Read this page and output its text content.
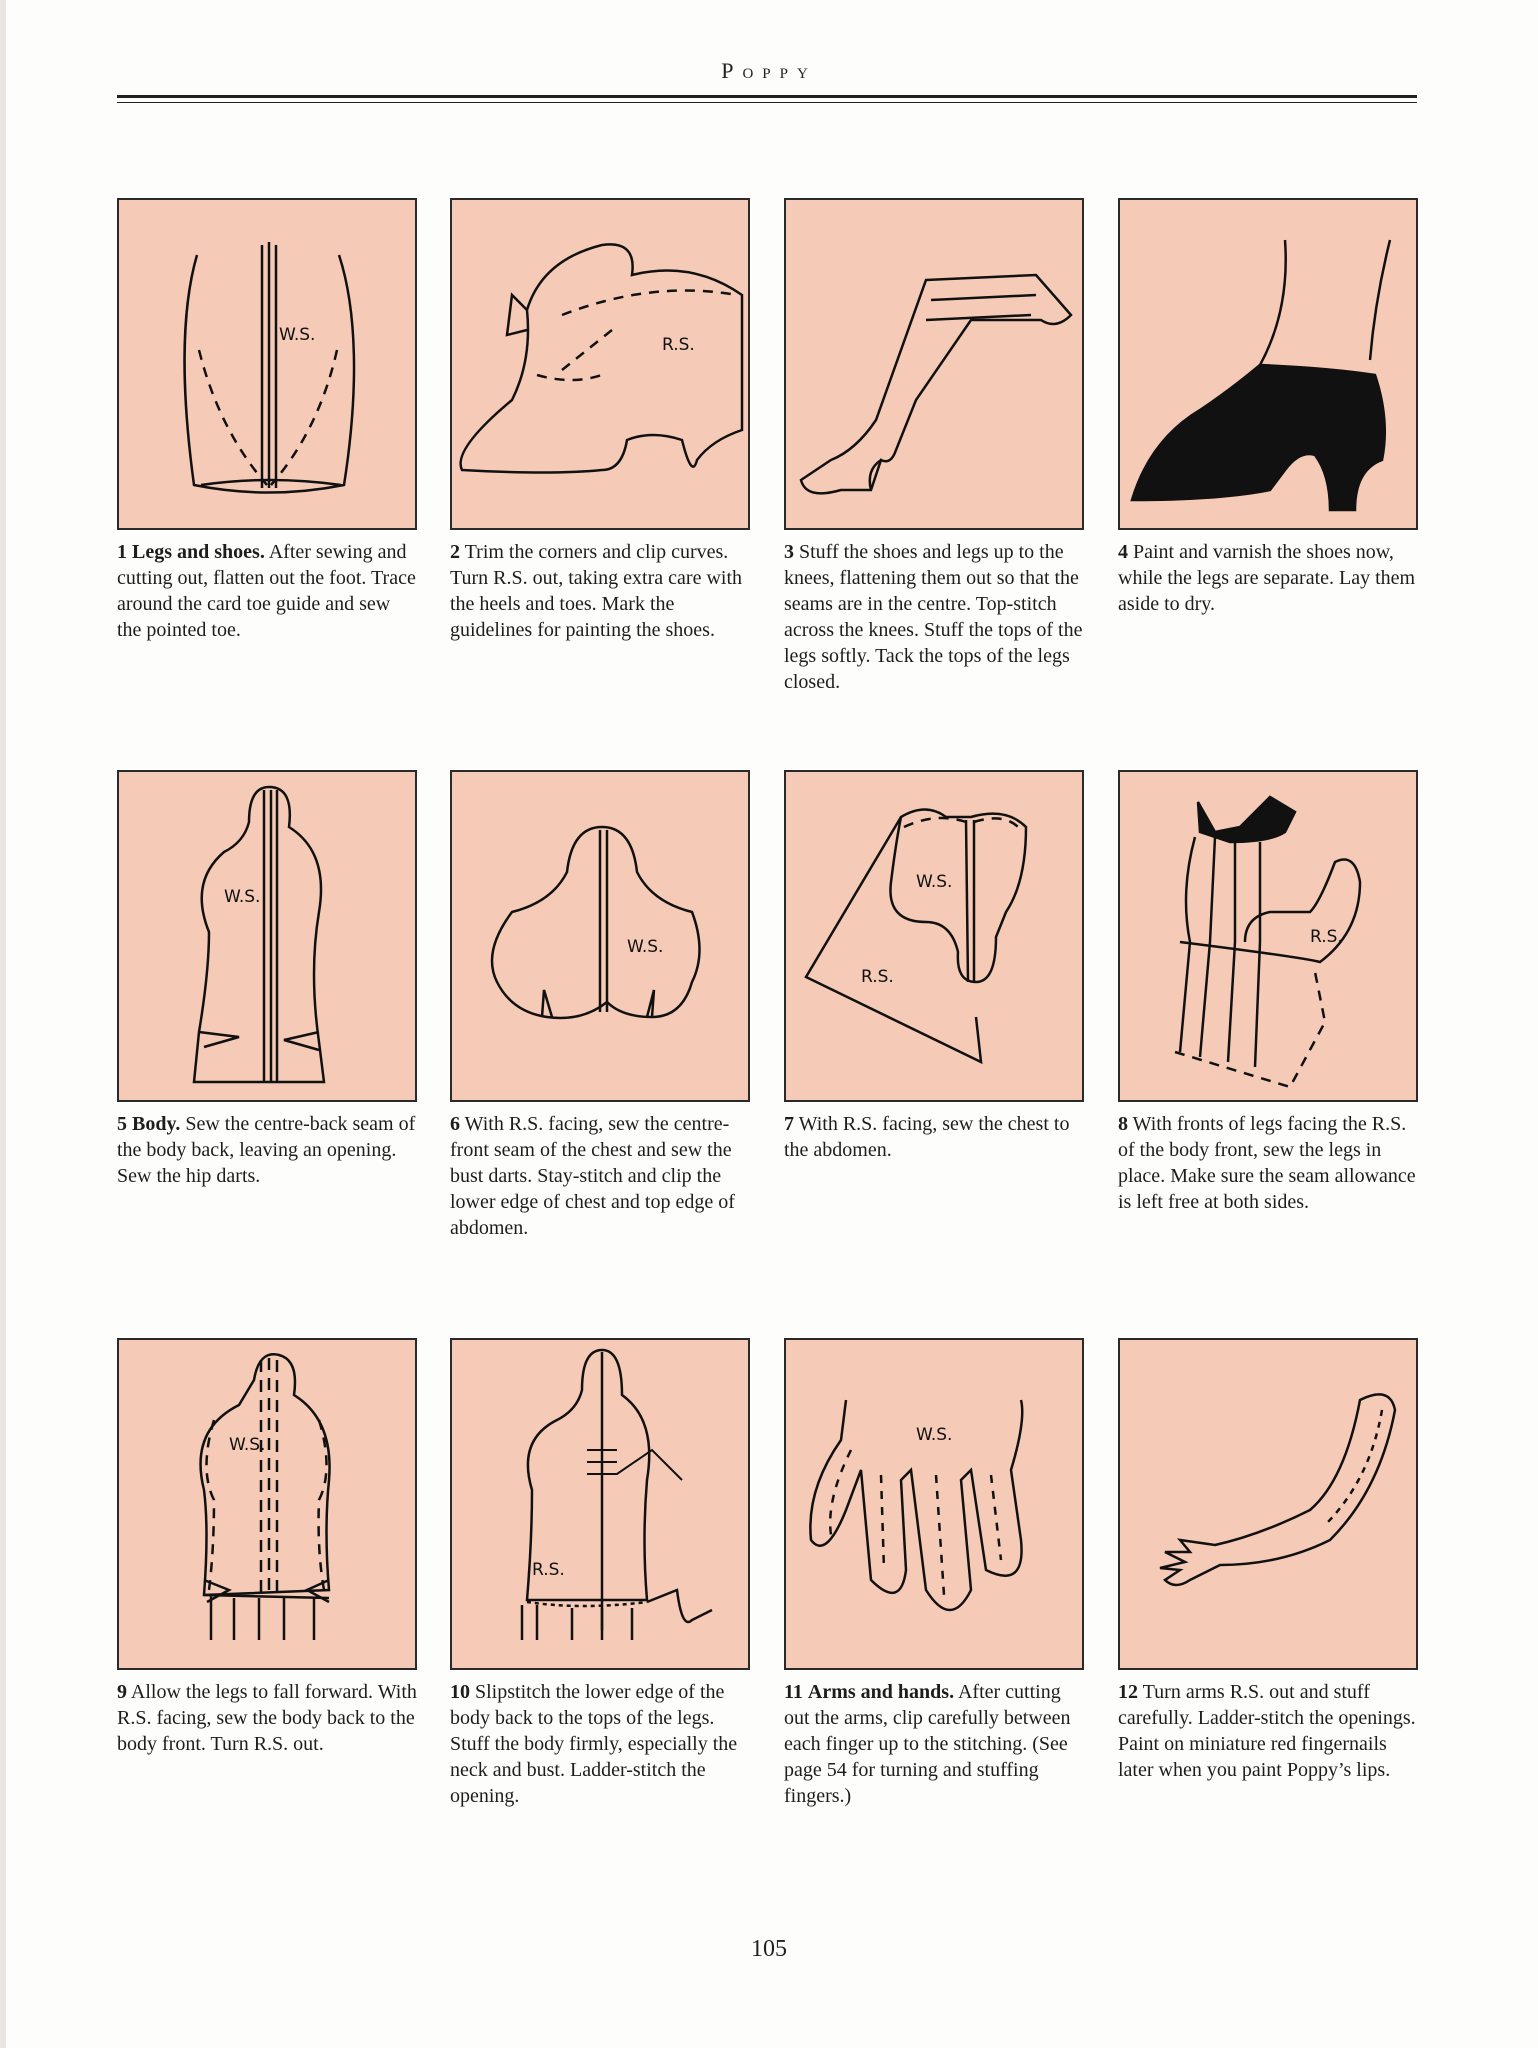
Poppy
W.S.
1 Legs and shoes. After sewing and cutting out, flatten out the foot. Trace around the card toe guide and sew the pointed toe.
R.S.
2 Trim the corners and clip curves. Turn R.S. out, taking extra care with the heels and toes. Mark the guidelines for painting the shoes.
3 Stuff the shoes and legs up to the knees, flattening them out so that the seams are in the centre. Top-stitch across the knees. Stuff the tops of the legs softly. Tack the tops of the legs closed.
4 Paint and varnish the shoes now, while the legs are separate. Lay them aside to dry.
W.S.
5 Body. Sew the centre-back seam of the body back, leaving an opening. Sew the hip darts.
W.S.
6 With R.S. facing, sew the centre-front seam of the chest and sew the bust darts. Stay-stitch and clip the lower edge of chest and top edge of abdomen.
W.S.
R.S.
7 With R.S. facing, sew the chest to the abdomen.
R.S.
8 With fronts of legs facing the R.S. of the body front, sew the legs in place. Make sure the seam allowance is left free at both sides.
W.S.
9 Allow the legs to fall forward. With R.S. facing, sew the body back to the body front. Turn R.S. out.
R.S.
10 Slipstitch the lower edge of the body back to the tops of the legs. Stuff the body firmly, especially the neck and bust. Ladder-stitch the opening.
W.S.
11 Arms and hands. After cutting out the arms, clip carefully between each finger up to the stitching. (See page 54 for turning and stuffing fingers.)
12 Turn arms R.S. out and stuff carefully. Ladder-stitch the openings. Paint on miniature red fingernails later when you paint Poppy’s lips.
105
